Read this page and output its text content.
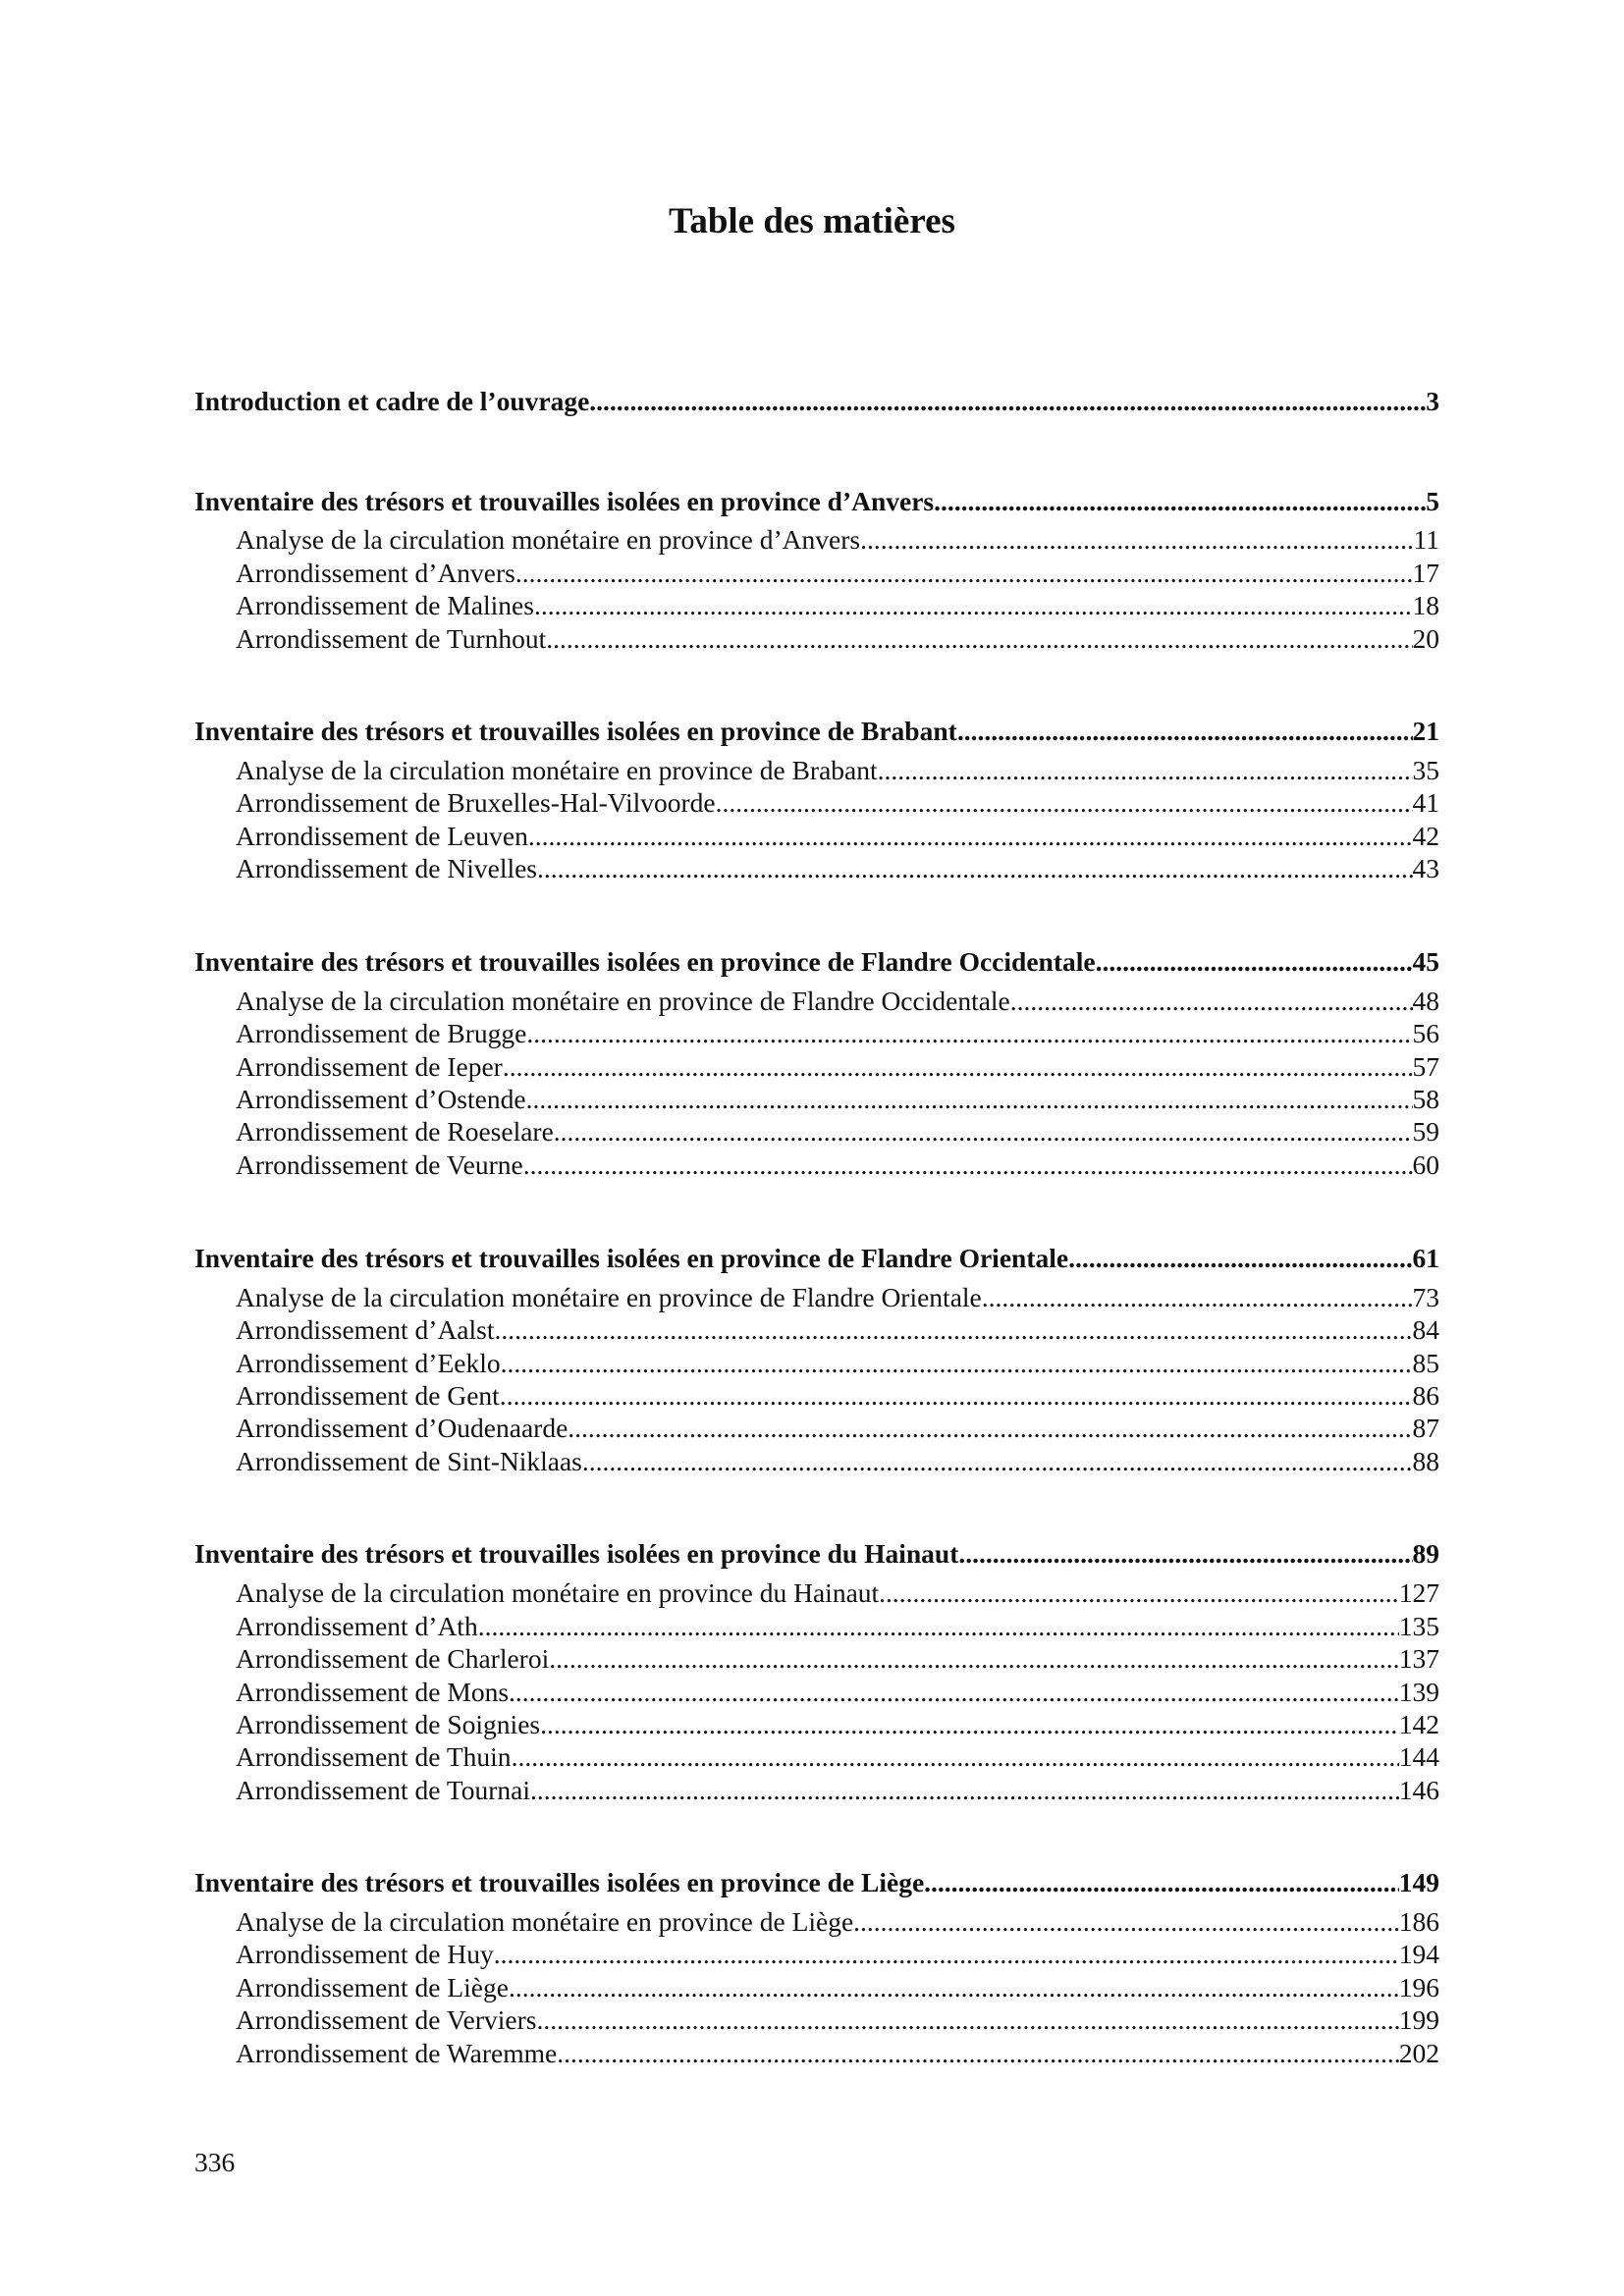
Table des matières
Introduction et cadre de l’ouvrage .....	3
Inventaire des trésors et trouvailles isolées en province d’Anvers .....	5
Analyse de la circulation monétaire en province d’Anvers .....	11
Arrondissement d’Anvers .....	17
Arrondissement de Malines .....	18
Arrondissement de Turnhout .....	20
Inventaire des trésors et trouvailles isolées en province de Brabant .....	21
Analyse de la circulation monétaire en province de Brabant .....	35
Arrondissement de Bruxelles-Hal-Vilvoorde .....	41
Arrondissement de Leuven .....	42
Arrondissement de Nivelles .....	43
Inventaire des trésors et trouvailles isolées en province de Flandre Occidentale .....	45
Analyse de la circulation monétaire en province de Flandre Occidentale .....	48
Arrondissement de Brugge .....	56
Arrondissement de Ieper .....	57
Arrondissement d’Ostende .....	58
Arrondissement de Roeselare .....	59
Arrondissement de Veurne .....	60
Inventaire des trésors et trouvailles isolées en province de Flandre Orientale .....	61
Analyse de la circulation monétaire en province de Flandre Orientale .....	73
Arrondissement d’Aalst .....	84
Arrondissement d’Eeklo .....	85
Arrondissement de Gent .....	86
Arrondissement d’Oudenaarde .....	87
Arrondissement de Sint-Niklaas .....	88
Inventaire des trésors et trouvailles isolées en province du Hainaut .....	89
Analyse de la circulation monétaire en province du Hainaut .....	127
Arrondissement d’Ath .....	135
Arrondissement de Charleroi .....	137
Arrondissement de Mons .....	139
Arrondissement de Soignies .....	142
Arrondissement de Thuin .....	144
Arrondissement de Tournai .....	146
Inventaire des trésors et trouvailles isolées en province de Liège .....	149
Analyse de la circulation monétaire en province de Liège .....	186
Arrondissement de Huy .....	194
Arrondissement de Liège .....	196
Arrondissement de Verviers .....	199
Arrondissement de Waremme .....	202

336
